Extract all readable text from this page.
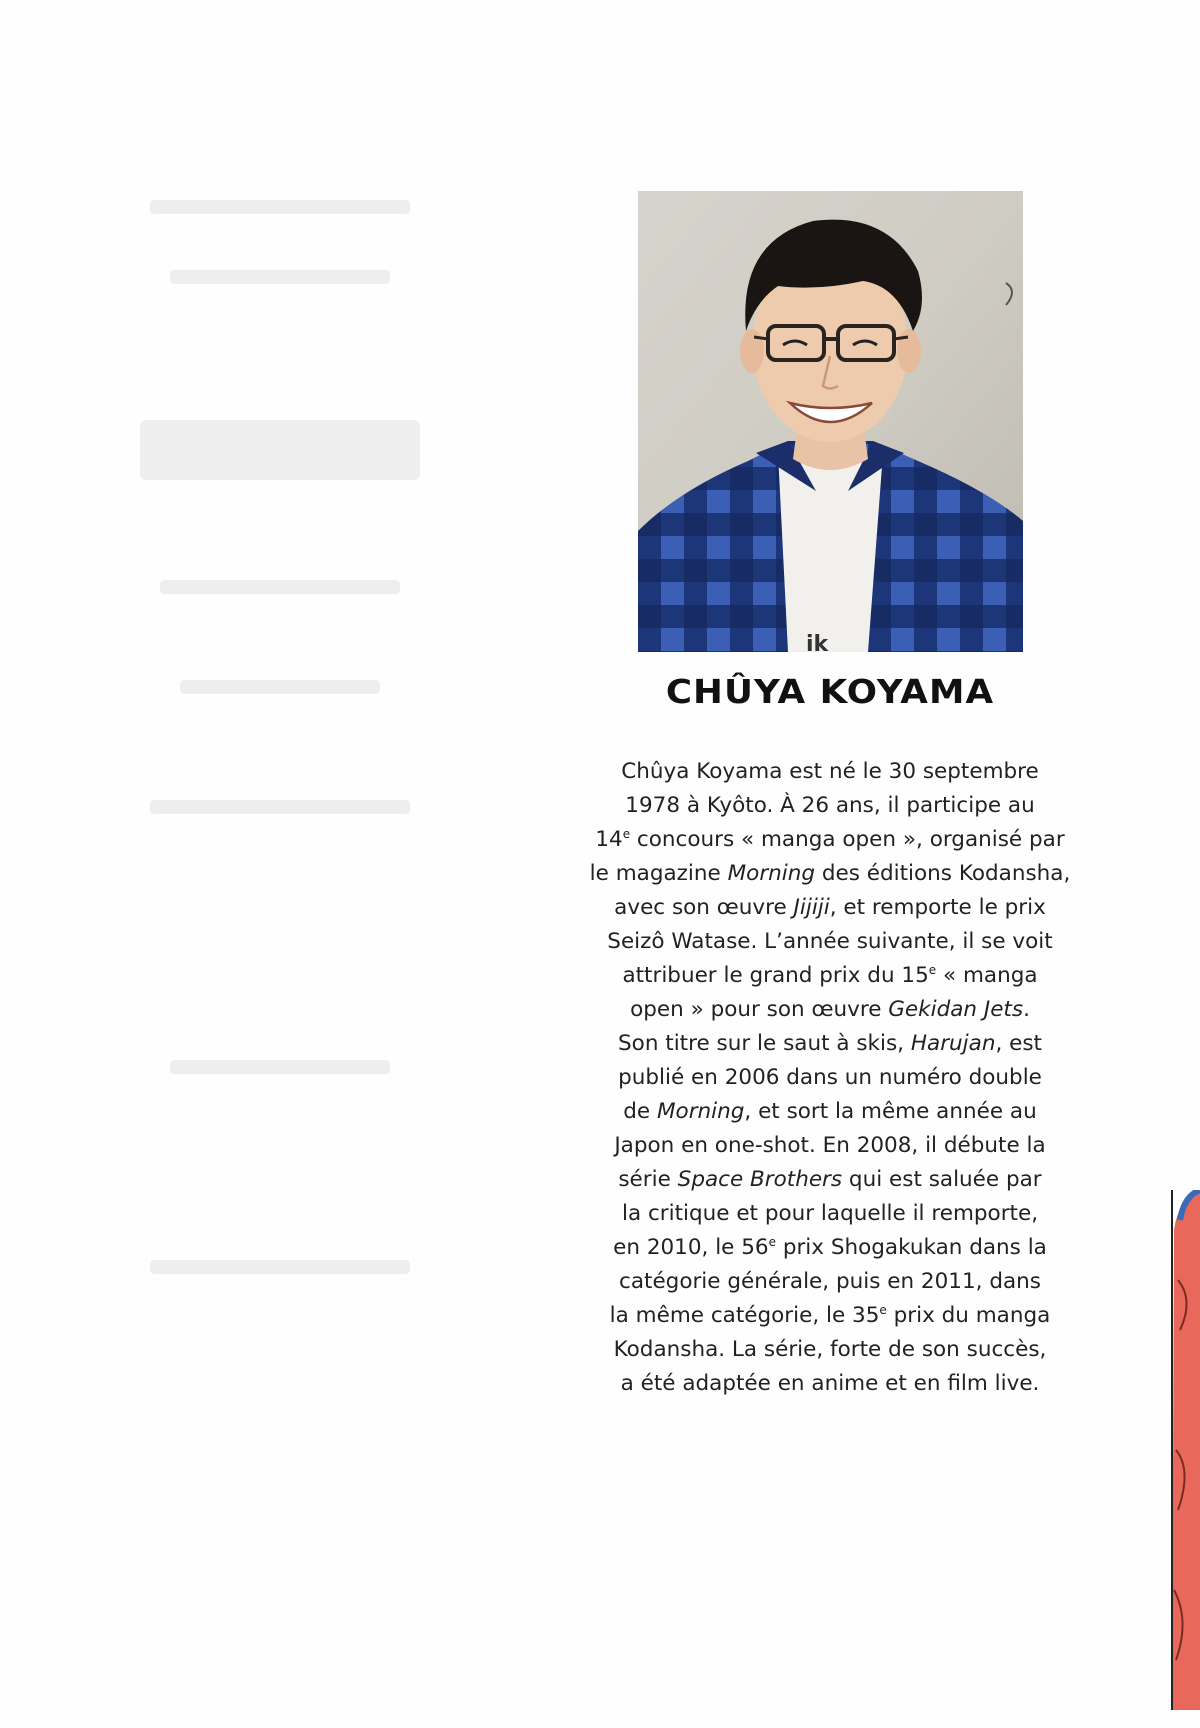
ik
CHÛYA KOYAMA
Chûya Koyama est né le 30 septembre
1978 à Kyôto. À 26 ans, il participe au
14e concours « manga open », organisé par
le magazine Morning des éditions Kodansha,
avec son œuvre Jijiji, et remporte le prix
Seizô Watase. L’année suivante, il se voit
attribuer le grand prix du 15e « manga
open » pour son œuvre Gekidan Jets.
Son titre sur le saut à skis, Harujan, est
publié en 2006 dans un numéro double
de Morning, et sort la même année au
Japon en one-shot. En 2008, il débute la
série Space Brothers qui est saluée par
la critique et pour laquelle il remporte,
en 2010, le 56e prix Shogakukan dans la
catégorie générale, puis en 2011, dans
la même catégorie, le 35e prix du manga
Kodansha. La série, forte de son succès,
a été adaptée en anime et en film live.
